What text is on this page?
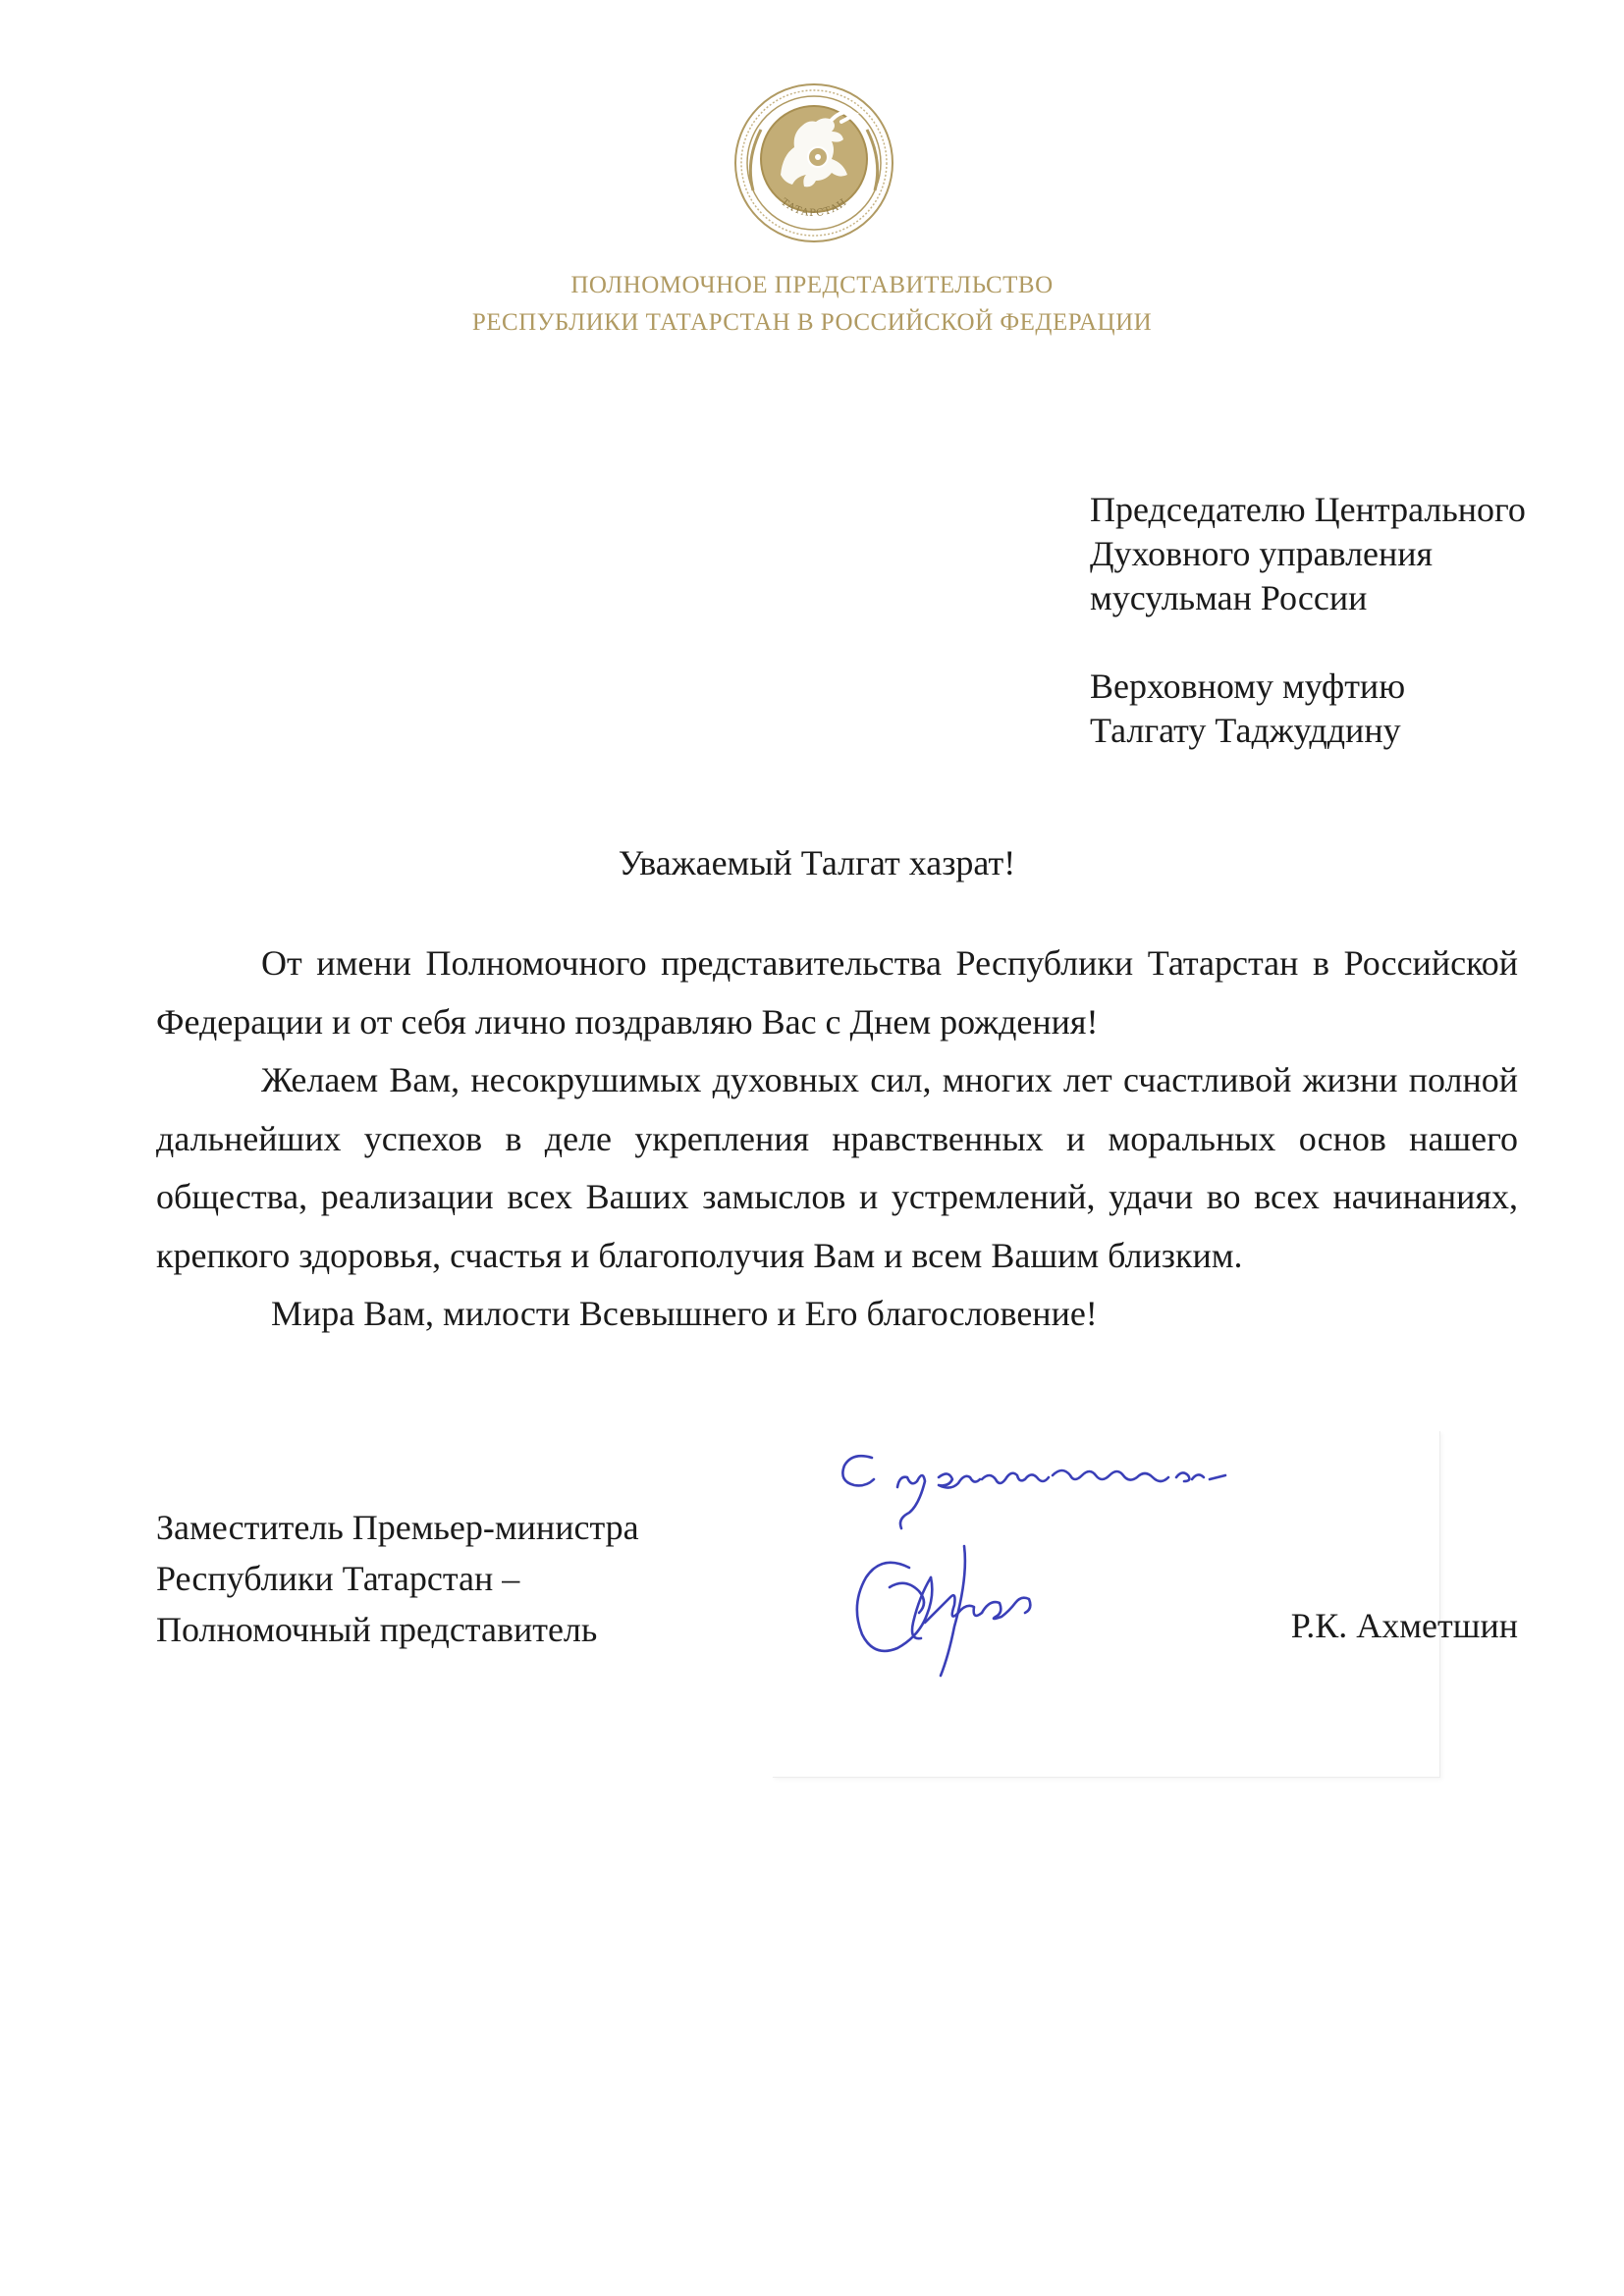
ТАТАРСТАН
ПОЛНОМОЧНОЕ ПРЕДСТАВИТЕЛЬСТВО
РЕСПУБЛИКИ ТАТАРСТАН В РОССИЙСКОЙ ФЕДЕРАЦИИ
Председателю Центрального
Духовного управления
мусульман России
Верховному муфтию
Талгату Таджуддину
Уважаемый Талгат хазрат!

От имени Полномочного представительства Республики Татарстан в Российской Федерации и от себя лично поздравляю Вас с Днем рождения!

Желаем Вам, несокрушимых духовных сил, многих лет счастливой жизни полной дальнейших успехов в деле укрепления нравственных и моральных основ нашего общества, реализации всех Ваших замыслов и устремлений, удачи во всех начинаниях, крепкого здоровья, счастья и благополучия Вам и всем Вашим близким.

Мира Вам, милости Всевышнего и Его благословение!

Заместитель Премьер-министра
Республики Татарстан –
Полномочный представитель	Р.К. Ахметшин
